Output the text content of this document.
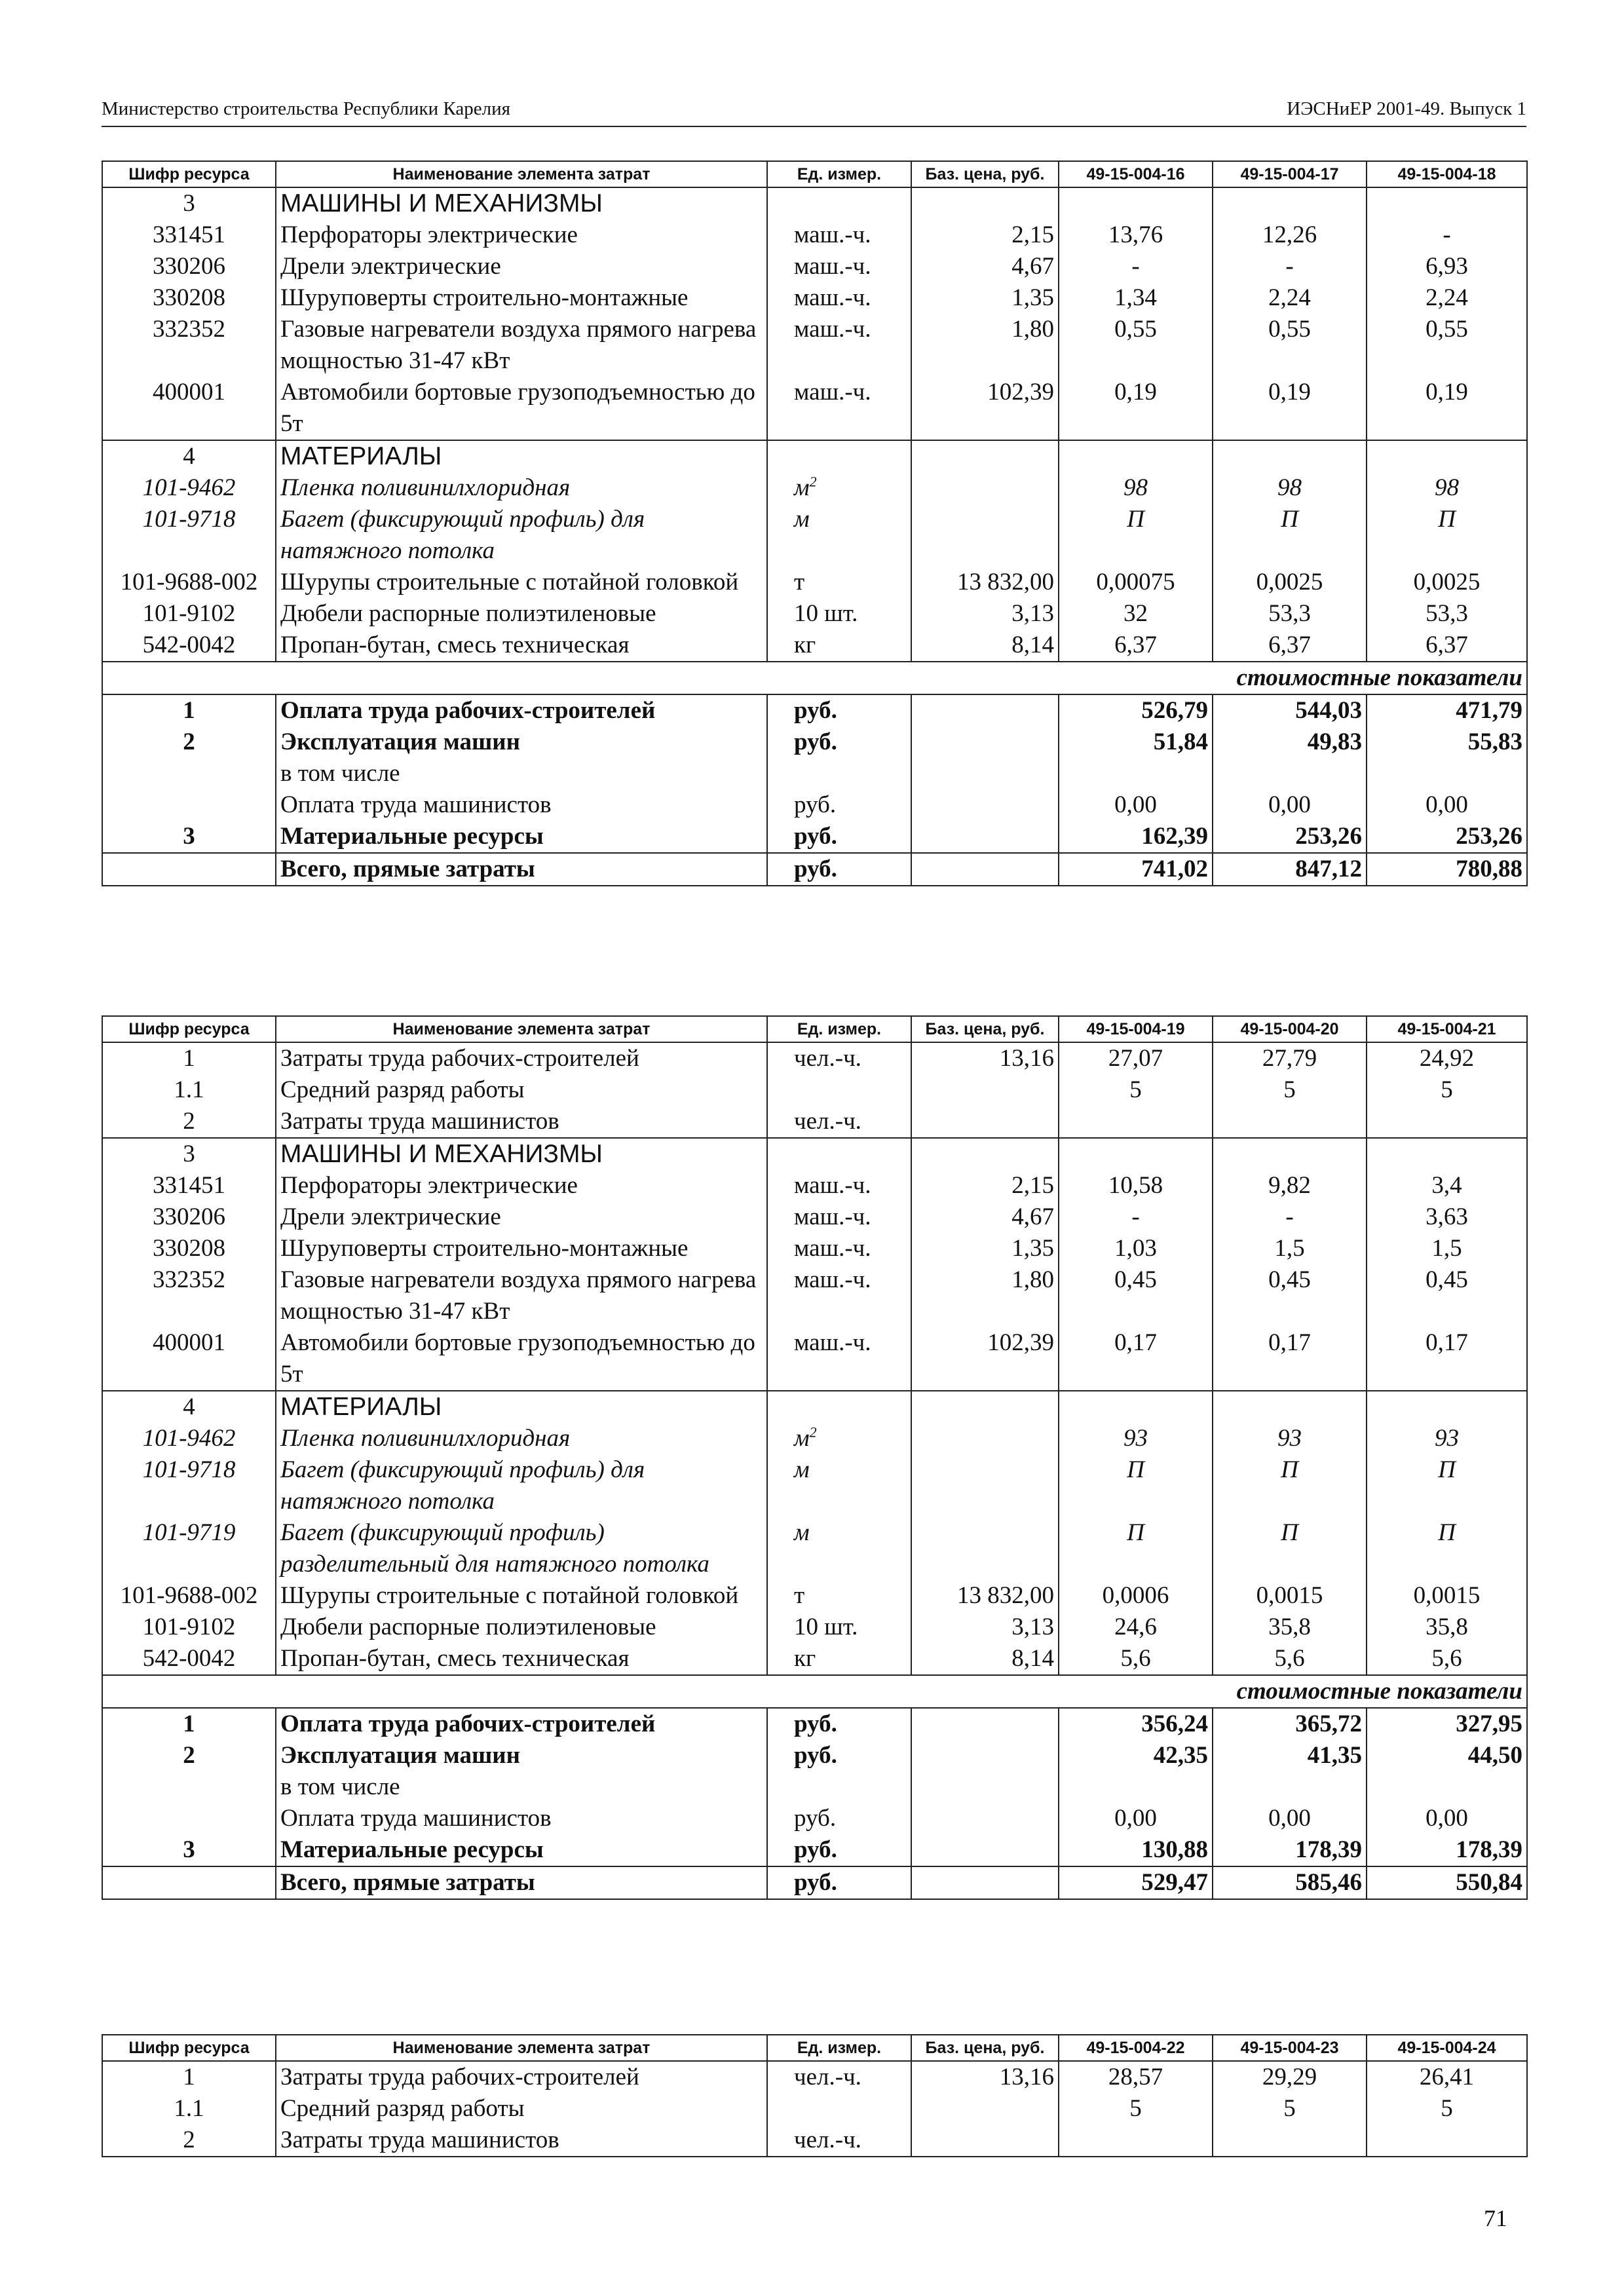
Министерство строительства Республики Карелия	ИЭСНиЕР 2001-49. Выпуск 1
Шифр ресурса	Наименование элемента затрат	Ед. измер.	Баз. цена, руб.	49-15-004-16	49-15-004-17	49-15-004-18
3	МАШИНЫ И МЕХАНИЗМЫ					
331451	Перфораторы электрические	маш.-ч.	2,15	13,76	12,26	-
330206	Дрели электрические	маш.-ч.	4,67	-	-	6,93
330208	Шуруповерты строительно-монтажные	маш.-ч.	1,35	1,34	2,24	2,24
332352	Газовые нагреватели воздуха прямого нагрева мощностью 31-47 кВт	маш.-ч.	1,80	0,55	0,55	0,55
400001	Автомобили бортовые грузоподъемностью до 5т	маш.-ч.	102,39	0,19	0,19	0,19
4	МАТЕРИАЛЫ					
101-9462	Пленка поливинилхлоридная	$м^2$		98	98	98
101-9718	Багет (фиксирующий профиль) для натяжного потолка	м		П	П	П
101-9688-002	Шурупы строительные с потайной головкой	т	13 832,00	0,00075	0,0025	0,0025
101-9102	Дюбели распорные полиэтиленовые	10 шт.	3,13	32	53,3	53,3
542-0042	Пропан-бутан, смесь техническая	кг	8,14	6,37	6,37	6,37
стоимостные показатели						
1	Оплата труда рабочих-строителей	руб.		526,79	544,03	471,79
2	Эксплуатация машин	руб.		51,84	49,83	55,83
	в том числе					
	Оплата труда машинистов	руб.		0,00	0,00	0,00
3	Материальные ресурсы	руб.		162,39	253,26	253,26
	Всего, прямые затраты	руб.		741,02	847,12	780,88
Шифр ресурса	Наименование элемента затрат	Ед. измер.	Баз. цена, руб.	49-15-004-19	49-15-004-20	49-15-004-21
1	Затраты труда рабочих-строителей	чел.-ч.	13,16	27,07	27,79	24,92
1.1	Средний разряд работы			5	5	5
2	Затраты труда машинистов	чел.-ч.				
3	МАШИНЫ И МЕХАНИЗМЫ					
331451	Перфораторы электрические	маш.-ч.	2,15	10,58	9,82	3,4
330206	Дрели электрические	маш.-ч.	4,67	-	-	3,63
330208	Шуруповерты строительно-монтажные	маш.-ч.	1,35	1,03	1,5	1,5
332352	Газовые нагреватели воздуха прямого нагрева мощностью 31-47 кВт	маш.-ч.	1,80	0,45	0,45	0,45
400001	Автомобили бортовые грузоподъемностью до 5т	маш.-ч.	102,39	0,17	0,17	0,17
4	МАТЕРИАЛЫ					
101-9462	Пленка поливинилхлоридная	$м^2$		93	93	93
101-9718	Багет (фиксирующий профиль) для натяжного потолка	м		П	П	П
101-9719	Багет (фиксирующий профиль) разделительный для натяжного потолка	м		П	П	П
101-9688-002	Шурупы строительные с потайной головкой	т	13 832,00	0,0006	0,0015	0,0015
101-9102	Дюбели распорные полиэтиленовые	10 шт.	3,13	24,6	35,8	35,8
542-0042	Пропан-бутан, смесь техническая	кг	8,14	5,6	5,6	5,6
стоимостные показатели						
1	Оплата труда рабочих-строителей	руб.		356,24	365,72	327,95
2	Эксплуатация машин	руб.		42,35	41,35	44,50
	в том числе					
	Оплата труда машинистов	руб.		0,00	0,00	0,00
3	Материальные ресурсы	руб.		130,88	178,39	178,39
	Всего, прямые затраты	руб.		529,47	585,46	550,84
Шифр ресурса	Наименование элемента затрат	Ед. измер.	Баз. цена, руб.	49-15-004-22	49-15-004-23	49-15-004-24
1	Затраты труда рабочих-строителей	чел.-ч.	13,16	28,57	29,29	26,41
1.1	Средний разряд работы			5	5	5
2	Затраты труда машинистов	чел.-ч.				
71
